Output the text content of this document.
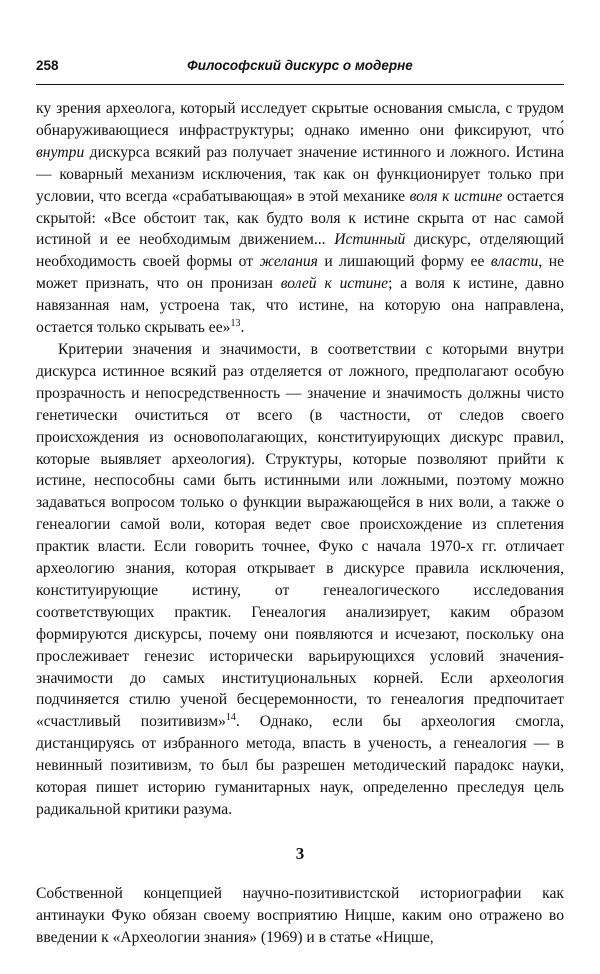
258	Философский дискурс о модерне

ку зрения археолога, который исследует скрытые основания смысла, с трудом обнаруживающиеся инфраструктуры; однако именно они фиксируют, что́ внутри дискурса всякий раз получает значение истинного и ложного. Истина — коварный механизм исключения, так как он функционирует только при условии, что всегда «срабатывающая» в этой механике воля к истине остается скрытой: «Все обстоит так, как будто воля к истине скрыта от нас самой истиной и ее необходимым движением... Истинный дискурс, отделяющий необходимость своей формы от желания и лишающий форму ее власти, не может признать, что он пронизан волей к истине; а воля к истине, давно навязанная нам, устроена так, что истине, на которую она направлена, остается только скрывать ее»$^{13}$.

Критерии значения и значимости, в соответствии с которыми внутри дискурса истинное всякий раз отделяется от ложного, предполагают особую прозрачность и непосредственность — значение и значимость должны чисто генетически очиститься от всего (в частности, от следов своего происхождения из основополагающих, конституирующих дискурс правил, которые выявляет археология). Структуры, которые позволяют прийти к истине, неспособны сами быть истинными или ложными, поэтому можно задаваться вопросом только о функции выражающейся в них воли, а также о генеалогии самой воли, которая ведет свое происхождение из сплетения практик власти. Если говорить точнее, Фуко с начала 1970-х гг. отличает археологию знания, которая открывает в дискурсе правила исключения, конституирующие истину, от генеалогического исследования соответствующих практик. Генеалогия анализирует, каким образом формируются дискурсы, почему они появляются и исчезают, поскольку она прослеживает генезис исторически варьирующихся условий значения-значимости до самых институциональных корней. Если археология подчиняется стилю ученой бесцеремонности, то генеалогия предпочитает «счастливый позитивизм»$^{14}$. Однако, если бы археология смогла, дистанцируясь от избранного метода, впасть в ученость, а генеалогия — в невинный позитивизм, то был бы разрешен методический парадокс науки, которая пишет историю гуманитарных наук, определенно преследуя цель радикальной критики разума.

3

Собственной концепцией научно-позитивистской историографии как антинауки Фуко обязан своему восприятию Ницше, каким оно отражено во введении к «Археологии знания» (1969) и в статье «Ницше,
